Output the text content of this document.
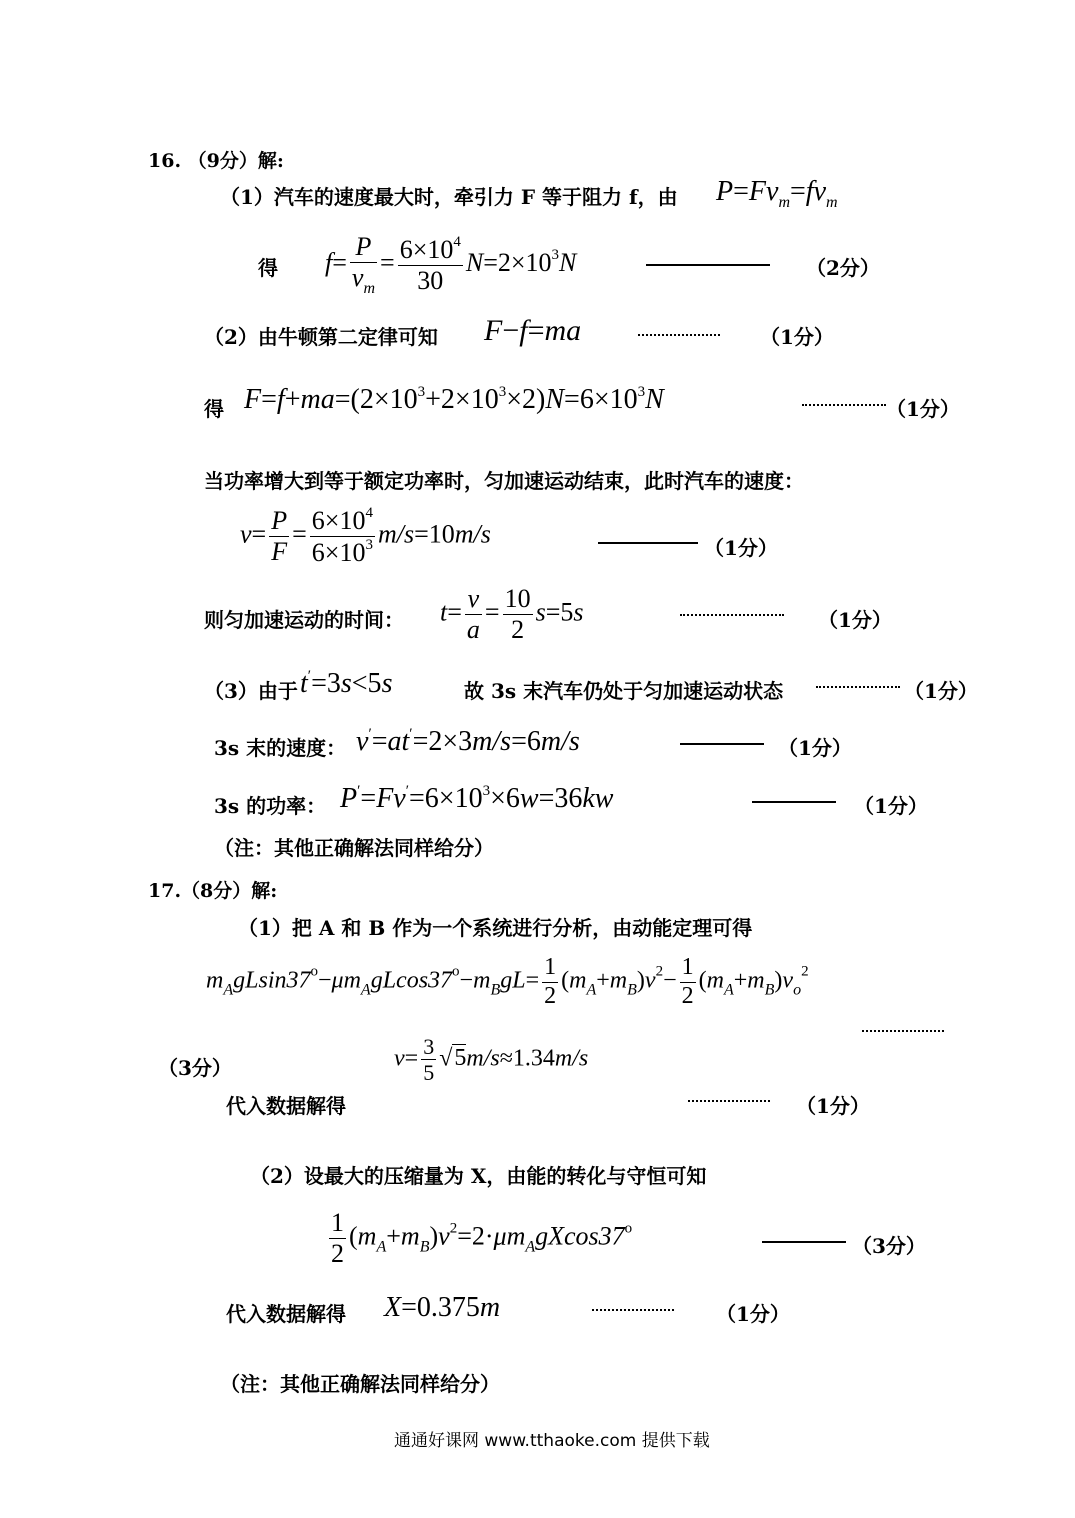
16. （9分）解:
（1）汽车的速度最大时，牵引力 F 等于阻力 f，由 $P=Fv_m=fv_m$
得 $f= \frac{P}{v_m} = \frac{6\times 10^4}{30} N=2\times 10^3N$	（2分）
（2）由牛顿第二定律可知 F−f=ma	（1分）
得 $F=f+ma=(2\times 10^3+2\times 10^3\times 2)N=6\times 10^3N$	（1分）
当功率增大到等于额定功率时，匀加速运动结束，此时汽车的速度：
$v= \frac{P}{F} = \frac{6\times 10^4}{6\times 10^3} m/s=10m/s$	（1分）
则匀加速运动的时间： $t= \frac{v}{a} = \frac{10}{2} s=5s$	（1分）
（3）由于 t′=3s<5s	故 3s 末汽车仍处于匀加速运动状态	（1分）
3s 末的速度： v′=at′=2×3m/s=6m/s	（1分）
3s 的功率： $P'=Fv'=6\times 10^3\times 6w=36kw$	（1分）
（注：其他正确解法同样给分）
17.（8分）解:
（1）把 A 和 B 作为一个系统进行分析，由动能定理可得
$m_AgLsin37^o-\mu m_AgLcos37^o-m_BgL= \frac{1}{2} (m_A+m_B)v^2- \frac{1}{2} (m_A+m_B)v_o^2$
（3分）	$v= \frac{3}{5} √5m/s\approx 1.34m/s$
代入数据解得	（1分）
（2）设最大的压缩量为 X，由能的转化与守恒可知
$\frac{1}{2} (m_A+m_B)v^2=2\cdot\mu m_AgXcos37^o$
（3分）
代入数据解得 X=0.375m	（1分）
（注：其他正确解法同样给分）
通通好课网 www.tthaoke.com 提供下载
